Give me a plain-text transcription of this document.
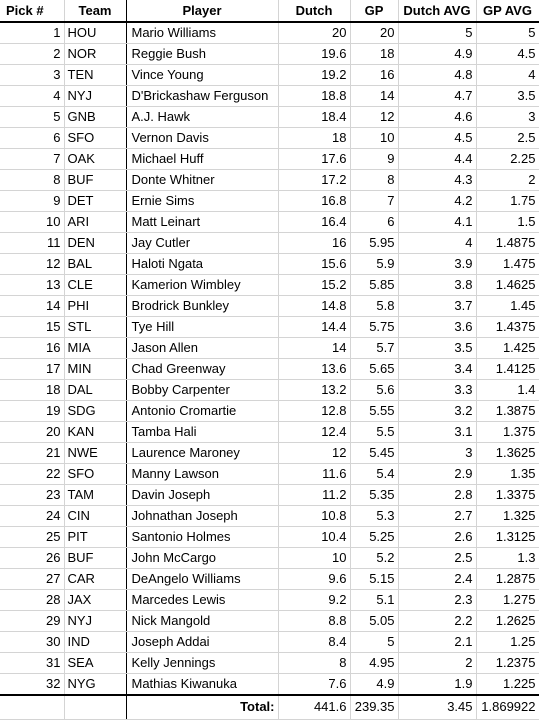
Pick #	Team	Player	Dutch	GP	Dutch AVG	GP AVG
1	HOU	Mario Williams	20	20	5	5
2	NOR	Reggie Bush	19.6	18	4.9	4.5
3	TEN	Vince Young	19.2	16	4.8	4
4	NYJ	D'Brickashaw Ferguson	18.8	14	4.7	3.5
5	GNB	A.J. Hawk	18.4	12	4.6	3
6	SFO	Vernon Davis	18	10	4.5	2.5
7	OAK	Michael Huff	17.6	9	4.4	2.25
8	BUF	Donte Whitner	17.2	8	4.3	2
9	DET	Ernie Sims	16.8	7	4.2	1.75
10	ARI	Matt Leinart	16.4	6	4.1	1.5
11	DEN	Jay Cutler	16	5.95	4	1.4875
12	BAL	Haloti Ngata	15.6	5.9	3.9	1.475
13	CLE	Kamerion Wimbley	15.2	5.85	3.8	1.4625
14	PHI	Brodrick Bunkley	14.8	5.8	3.7	1.45
15	STL	Tye Hill	14.4	5.75	3.6	1.4375
16	MIA	Jason Allen	14	5.7	3.5	1.425
17	MIN	Chad Greenway	13.6	5.65	3.4	1.4125
18	DAL	Bobby Carpenter	13.2	5.6	3.3	1.4
19	SDG	Antonio Cromartie	12.8	5.55	3.2	1.3875
20	KAN	Tamba Hali	12.4	5.5	3.1	1.375
21	NWE	Laurence Maroney	12	5.45	3	1.3625
22	SFO	Manny Lawson	11.6	5.4	2.9	1.35
23	TAM	Davin Joseph	11.2	5.35	2.8	1.3375
24	CIN	Johnathan Joseph	10.8	5.3	2.7	1.325
25	PIT	Santonio Holmes	10.4	5.25	2.6	1.3125
26	BUF	John McCargo	10	5.2	2.5	1.3
27	CAR	DeAngelo Williams	9.6	5.15	2.4	1.2875
28	JAX	Marcedes Lewis	9.2	5.1	2.3	1.275
29	NYJ	Nick Mangold	8.8	5.05	2.2	1.2625
30	IND	Joseph Addai	8.4	5	2.1	1.25
31	SEA	Kelly Jennings	8	4.95	2	1.2375
32	NYG	Mathias Kiwanuka	7.6	4.9	1.9	1.225
		Total:	441.6	239.35	3.45	1.869922
